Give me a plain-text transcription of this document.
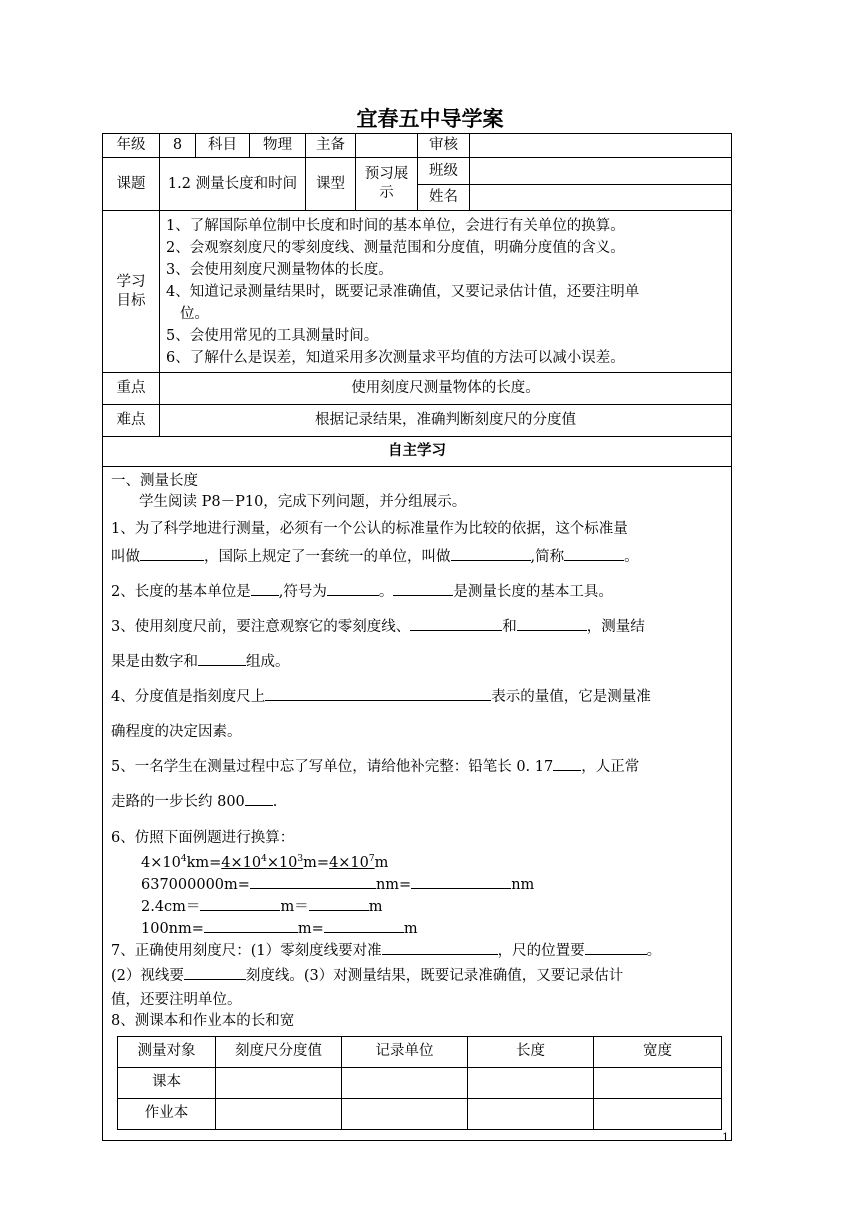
宜春五中导学案
年级	8	科目	物理	主备		审核	
课题	1.2 测量长度和时间	课型	预习展示	班级	
姓名	
学习目标	
1、了解国际单位制中长度和时间的基本单位，会进行有关单位的换算。
2、会观察刻度尺的零刻度线、测量范围和分度值，明确分度值的含义。
3、会使用刻度尺测量物体的长度。
4、知道记录测量结果时，既要记录准确值，又要记录估计值，还要注明单
位。
5、会使用常见的工具测量时间。
6、了解什么是误差，知道采用多次测量求平均值的方法可以减小误差。

重点	使用刻度尺测量物体的长度。
难点	根据记录结果，准确判断刻度尺的分度值
自主学习

一、测量长度
学生阅读 P8－P10，完成下列问题，并分组展示。
1、为了科学地进行测量，必须有一个公认的标准量作为比较的依据，这个标准量
叫做	，国际上规定了一套统一的单位，叫做	,简称	。
2、长度的基本单位是 ,符号为	。	是测量长度的基本工具。
3、使用刻度尺前，要注意观察它的零刻度线、	和	，测量结
果是由数字和	组成。
4、分度值是指刻度尺上	表示的量值，它是测量准
确程度的决定因素。
5、一名学生在测量过程中忘了写单位，请给他补完整：铅笔长 0. 17 ，人正常
走路的一步长约 800 .
6、仿照下面例题进行换算：
$4\times 10^4km=4\times 10^4\times 10^3m=4\times 10^7m$
637000000m=	nm=	nm
2.4cm＝	m＝	m
100nm=	m=	m
7、正确使用刻度尺：(1）零刻度线要对准	，尺的位置要	。
(2）视线要	刻度线。(3）对测量结果，既要记录准确值，又要记录估计
值，还要注明单位。
8、测课本和作业本的长和宽
测量对象	刻度尺分度值	记录单位	长度	宽度
课本				
作业本				
1
